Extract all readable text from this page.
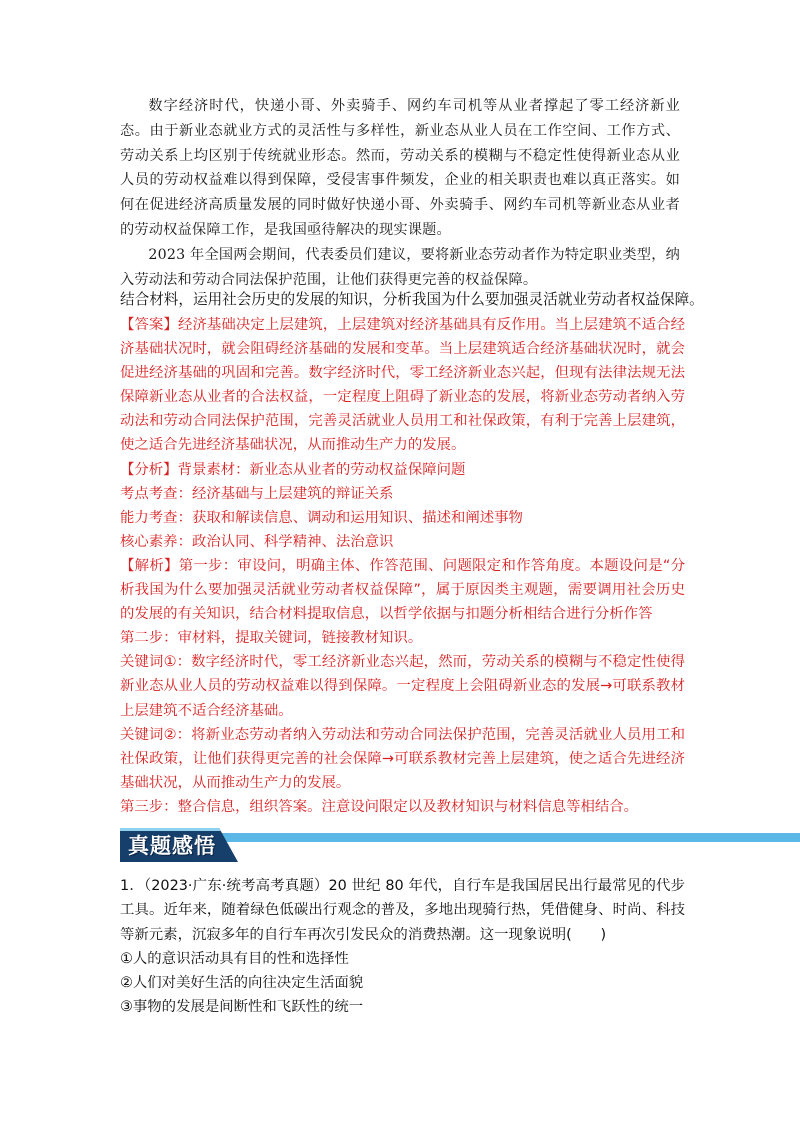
数字经济时代，快递小哥、外卖骑手、网约车司机等从业者撑起了零工经济新业态。由于新业态就业方式的灵活性与多样性，新业态从业人员在工作空间、工作方式、劳动关系上均区别于传统就业形态。然而，劳动关系的模糊与不稳定性使得新业态从业人员的劳动权益难以得到保障，受侵害事件频发，企业的相关职责也难以真正落实。如何在促进经济高质量发展的同时做好快递小哥、外卖骑手、网约车司机等新业态从业者的劳动权益保障工作，是我国亟待解决的现实课题。

2023 年全国两会期间，代表委员们建议，要将新业态劳动者作为特定职业类型，纳入劳动法和劳动合同法保护范围，让他们获得更完善的权益保障。

结合材料，运用社会历史的发展的知识，分析我国为什么要加强灵活就业劳动者权益保障。

【答案】经济基础决定上层建筑，上层建筑对经济基础具有反作用。当上层建筑不适合经济基础状况时，就会阻碍经济基础的发展和变革。当上层建筑适合经济基础状况时，就会促进经济基础的巩固和完善。数字经济时代，零工经济新业态兴起，但现有法律法规无法保障新业态从业者的合法权益，一定程度上阻碍了新业态的发展，将新业态劳动者纳入劳动法和劳动合同法保护范围，完善灵活就业人员用工和社保政策，有利于完善上层建筑，使之适合先进经济基础状况，从而推动生产力的发展。

【分析】背景素材：新业态从业者的劳动权益保障问题

考点考查：经济基础与上层建筑的辩证关系

能力考查：获取和解读信息、调动和运用知识、描述和阐述事物

核心素养：政治认同、科学精神、法治意识

【解析】第一步：审设问，明确主体、作答范围、问题限定和作答角度。本题设问是“分析我国为什么要加强灵活就业劳动者权益保障”，属于原因类主观题，需要调用社会历史的发展的有关知识，结合材料提取信息，以哲学依据与扣题分析相结合进行分析作答

第二步：审材料，提取关键词，链接教材知识。

关键词①：数字经济时代，零工经济新业态兴起，然而，劳动关系的模糊与不稳定性使得新业态从业人员的劳动权益难以得到保障。一定程度上会阻碍新业态的发展→可联系教材上层建筑不适合经济基础。

关键词②：将新业态劳动者纳入劳动法和劳动合同法保护范围，完善灵活就业人员用工和社保政策，让他们获得更完善的社会保障→可联系教材完善上层建筑，使之适合先进经济基础状况，从而推动生产力的发展。

第三步：整合信息，组织答案。注意设问限定以及教材知识与材料信息等相结合。

真题感悟

1．（2023·广东·统考高考真题）20 世纪 80 年代，自行车是我国居民出行最常见的代步工具。近年来，随着绿色低碳出行观念的普及，多地出现骑行热，凭借健身、时尚、科技等新元素，沉寂多年的自行车再次引发民众的消费热潮。这一现象说明(　　)

①人的意识活动具有目的性和选择性

②人们对美好生活的向往决定生活面貌

③事物的发展是间断性和飞跃性的统一
